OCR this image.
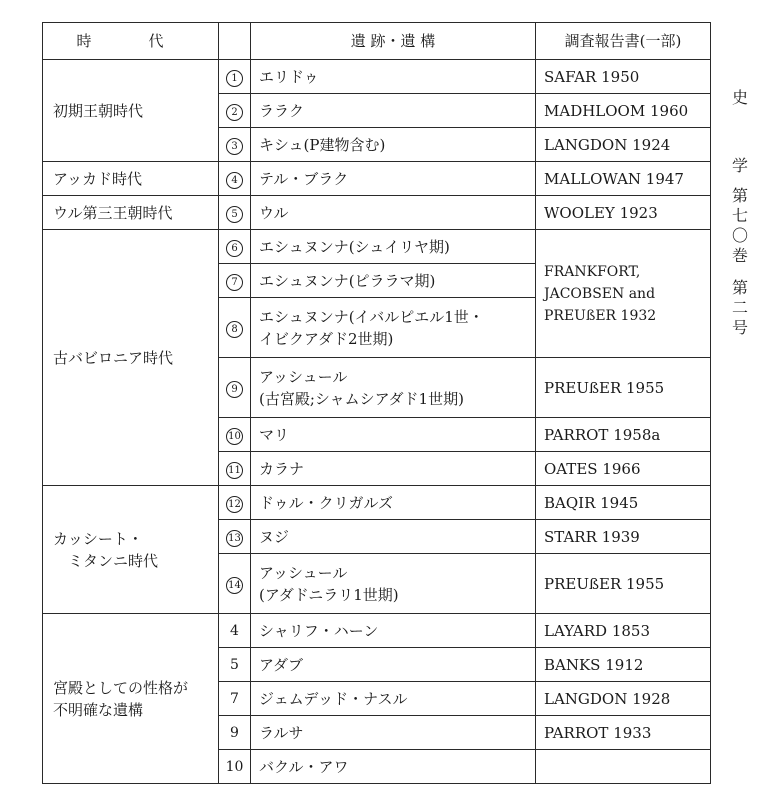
時　代		遺 跡・遺 構	調査報告書(一部)
初期王朝時代	1	エリドゥ	SAFAR 1950
	2	ララク	MADHLOOM 1960
	3	キシュ(P建物含む)	LANGDON 1924
アッカド時代	4	テル・ブラク	MALLOWAN 1947
ウル第三王朝時代	5	ウル	WOOLEY 1923
古バビロニア時代	6	エシュヌンナ(シュイリヤ期)	FRANKFORT,
JACOBSEN and
PREUßER 1932

	7	エシュヌンナ(ピララマ期)	
	8	エシュヌンナ(イバルピエル1世・
イビクアダド2世期)	

	9	アッシュール
(古宮殿;シャムシアダド1世期)	PREUßER 1955
	10	マリ	PARROT 1958a
	11	カラナ	OATES 1966

カッシート・
ミタンニ時代	12	ドゥル・クリガルズ	BAQIR 1945
	13	ヌジ	STARR 1939
	14	アッシュール
(アダドニラリ1世期)	PREUßER 1955

宮殿としての性格が
不明確な遺構	4	シャリフ・ハーン	LAYARD 1853
	5	アダブ	BANKS 1912
	7	ジェムデッド・ナスル	LANGDON 1928
	9	ラルサ	PARROT 1933
	10	バクル・アワ	
史
学
第
七
〇
巻
第
二
号
